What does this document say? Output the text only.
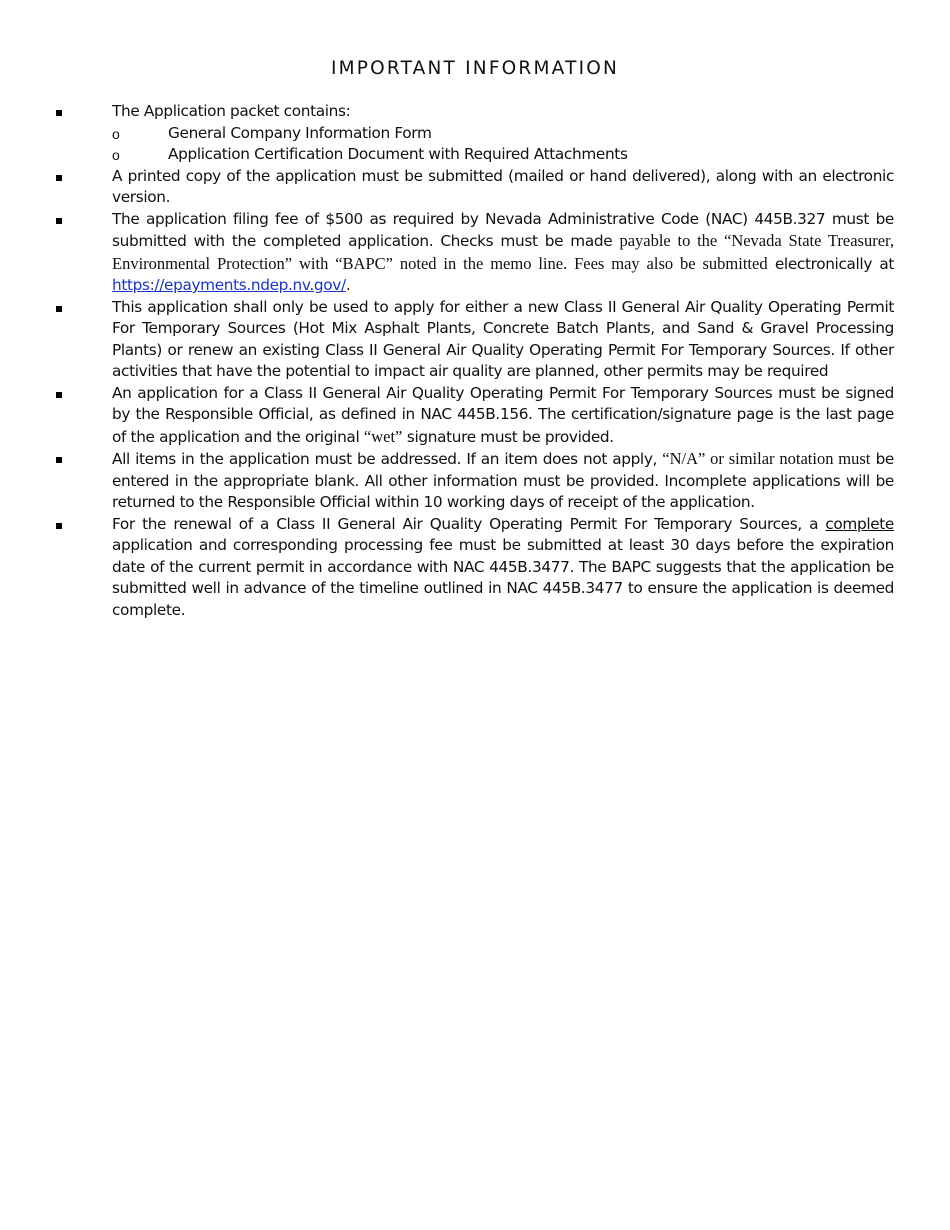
IMPORTANT INFORMATION
The Application packet contains:
o	General Company Information Form
o	Application Certification Document with Required Attachments
A printed copy of the application must be submitted (mailed or hand delivered), along with an electronic version.
The application filing fee of $500 as required by Nevada Administrative Code (NAC) 445B.327 must be submitted with the completed application. Checks must be made payable to the “Nevada State Treasurer, Environmental Protection” with “BAPC” noted in the memo line. Fees may also be submitted electronically at https://epayments.ndep.nv.gov/.
This application shall only be used to apply for either a new Class II General Air Quality Operating Permit For Temporary Sources (Hot Mix Asphalt Plants, Concrete Batch Plants, and Sand & Gravel Processing Plants) or renew an existing Class II General Air Quality Operating Permit For Temporary Sources. If other activities that have the potential to impact air quality are planned, other permits may be required
An application for a Class II General Air Quality Operating Permit For Temporary Sources must be signed by the Responsible Official, as defined in NAC 445B.156. The certification/signature page is the last page of the application and the original “wet” signature must be provided.
All items in the application must be addressed. If an item does not apply, “N/A” or similar notation must be entered in the appropriate blank. All other information must be provided. Incomplete applications will be returned to the Responsible Official within 10 working days of receipt of the application.
For the renewal of a Class II General Air Quality Operating Permit For Temporary Sources, a complete application and corresponding processing fee must be submitted at least 30 days before the expiration date of the current permit in accordance with NAC 445B.3477. The BAPC suggests that the application be submitted well in advance of the timeline outlined in NAC 445B.3477 to ensure the application is deemed complete.
